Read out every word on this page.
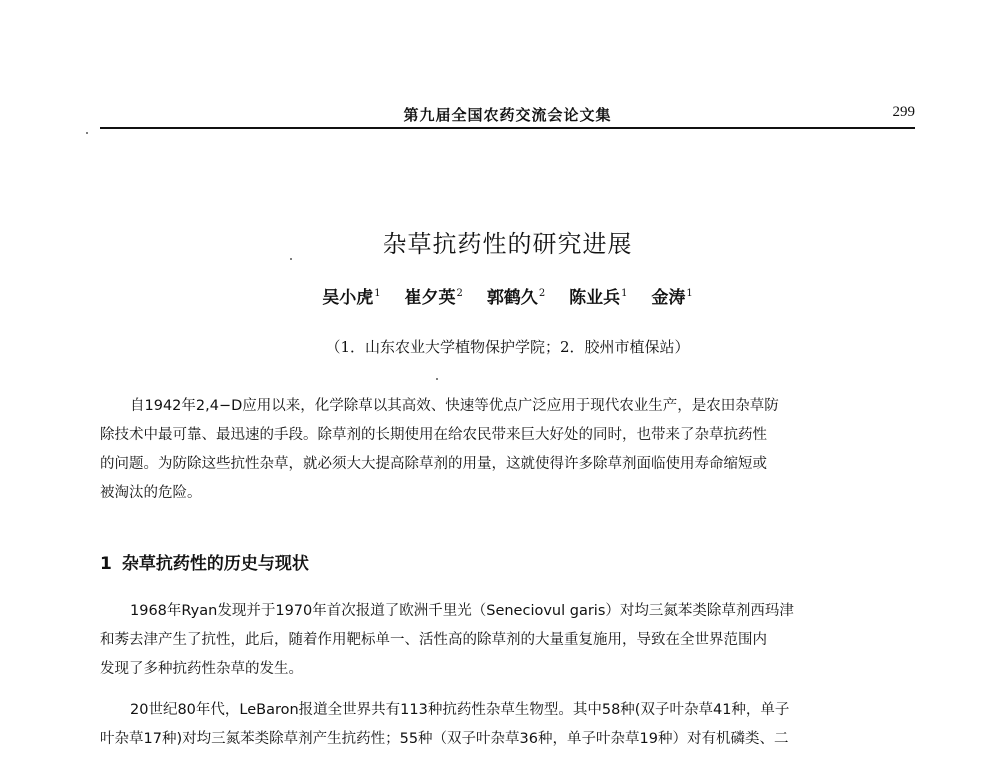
第九届全国农药交流会论文集	299
杂草抗药性的研究进展
吴小虎$^1$ 崔夕英$^2$ 郭鹤久$^2$ 陈业兵$^1$ 金涛$^1$
（1．山东农业大学植物保护学院；2．胶州市植保站）
自1942年2,4−D应用以来，化学除草以其高效、快速等优点广泛应用于现代农业生产，是农田杂草防
除技术中最可靠、最迅速的手段。除草剂的长期使用在给农民带来巨大好处的同时，也带来了杂草抗药性
的问题。为防除这些抗性杂草，就必须大大提高除草剂的用量，这就使得许多除草剂面临使用寿命缩短或
被淘汰的危险。
1 杂草抗药性的历史与现状
1968年Ryan发现并于1970年首次报道了欧洲千里光（Seneciovul garis）对均三氮苯类除草剂西玛津
和莠去津产生了抗性，此后，随着作用靶标单一、活性高的除草剂的大量重复施用，导致在全世界范围内
发现了多种抗药性杂草的发生。
20世纪80年代，LeBaron报道全世界共有113种抗药性杂草生物型。其中58种(双子叶杂草41种，单子
叶杂草17种)对均三氮苯类除草剂产生抗药性；55种（双子叶杂草36种，单子叶杂草19种）对有机磷类、二
